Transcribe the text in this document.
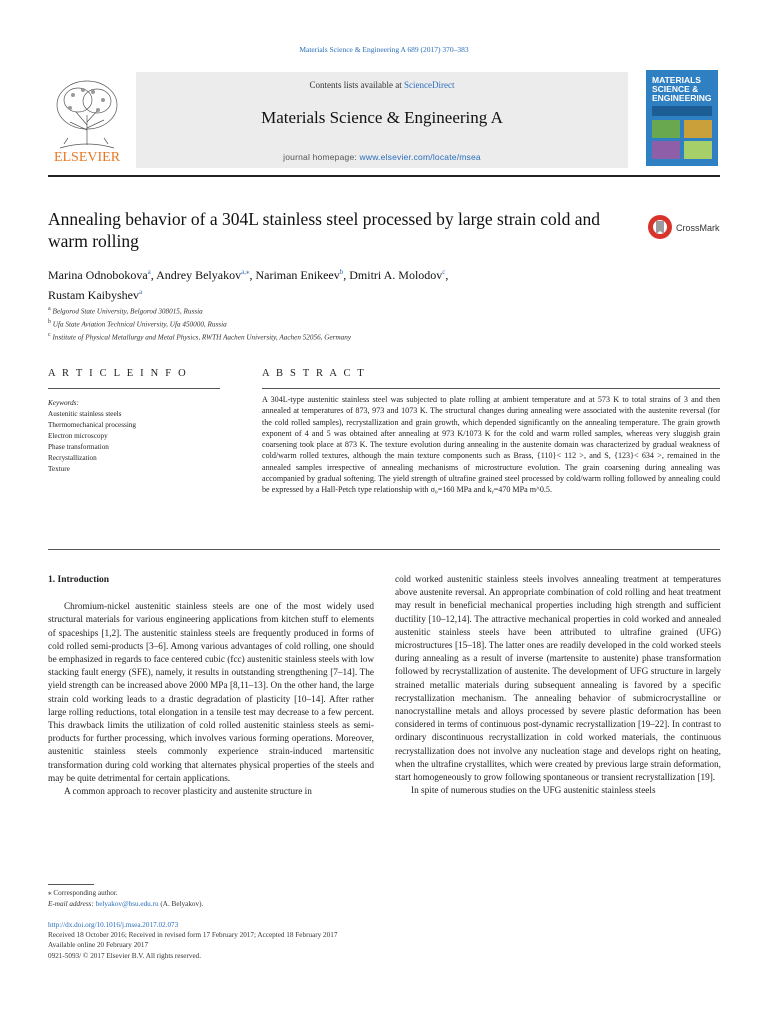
Materials Science & Engineering A 689 (2017) 370–383
ELSEVIER
Contents lists available at ScienceDirect
Materials Science & Engineering A
journal homepage: www.elsevier.com/locate/msea
MATERIALS
SCIENCE &
ENGINEERING
Annealing behavior of a 304L stainless steel processed by large strain cold and warm rolling
CrossMark
Marina Odnobokova$^a$, Andrey Belyakov$^{a,⁎}$, Nariman Enikeev$^b$, Dmitri A. Molodov$^c$,
Rustam Kaibyshev$^a$
$^a$ Belgorod State University, Belgorod 308015, Russia
$^b$ Ufa State Aviation Technical University, Ufa 450000, Russia
$^c$ Institute of Physical Metallurgy and Metal Physics, RWTH Aachen University, Aachen 52056, Germany
A R T I C L E I N F O	A B S T R A C T
Keywords:
Austenitic stainless steels
Thermomechanical processing
Electron microscopy
Phase transformation
Recrystallization
Texture
A 304L-type austenitic stainless steel was subjected to plate rolling at ambient temperature and at 573 K to total strains of 3 and then annealed at temperatures of 873, 973 and 1073 K. The structural changes during annealing were associated with the austenite reversal (for the cold rolled samples), recrystallization and grain growth, which depended significantly on the annealing temperature. The grain growth exponent of 4 and 5 was obtained after annealing at 973 K/1073 K for the cold and warm rolled samples, whereas very sluggish grain coarsening took place at 873 K. The texture evolution during annealing in the austenite domain was characterized by gradual weakness of cold/warm rolled textures, although the main texture components such as Brass, {110}< 112 >, and S, {123}< 634 >, remained in the annealed samples irrespective of annealing mechanisms of microstructure evolution. The grain coarsening during annealing was accompanied by gradual softening. The yield strength of ultrafine grained steel processed by cold/warm rolling followed by annealing could be expressed by a Hall-Petch type relationship with σ₀=160 MPa and kᵧ=470 MPa m^0.5.

1. Introduction

Chromium-nickel austenitic stainless steels are one of the most widely used structural materials for various engineering applications from kitchen stuff to elements of spaceships [1,2]. The austenitic stainless steels are frequently produced in forms of cold rolled semi-products [3–6]. Among various advantages of cold rolling, one should be emphasized in regards to face centered cubic (fcc) austenitic stainless steels with low stacking fault energy (SFE), namely, it results in outstanding strengthening [7–14]. The yield strength can be increased above 2000 MPa [8,11–13]. On the other hand, the large strain cold working leads to a drastic degradation of plasticity [10–14]. After rather large rolling reductions, total elongation in a tensile test may decrease to a few percent. This drawback limits the utilization of cold rolled austenitic stainless steels as semi-products for further processing, which involves various forming operations. Moreover, austenitic stainless steels commonly experience strain-induced martensitic transformation during cold working that alternates physical properties of the steels and may be quite detrimental for certain applications.

A common approach to recover plasticity and austenite structure in

cold worked austenitic stainless steels involves annealing treatment at temperatures above austenite reversal. An appropriate combination of cold rolling and heat treatment may result in beneficial mechanical properties including high strength and sufficient ductility [10–12,14]. The attractive mechanical properties in cold worked and annealed austenitic stainless steels have been attributed to ultrafine grained (UFG) microstructures [15–18]. The latter ones are readily developed in the cold worked steels during annealing as a result of inverse (martensite to austenite) phase transformation followed by recrystallization of austenite. The development of UFG structure in largely strained metallic materials during subsequent annealing is favored by a specific recrystallization mechanism. The annealing behavior of submicrocrystalline or nanocrystalline metals and alloys processed by severe plastic deformation has been considered in terms of continuous post-dynamic recrystallization [19–22]. In contrast to ordinary discontinuous recrystallization in cold worked materials, the continuous recrystallization does not involve any nucleation stage and develops right on heating, when the ultrafine crystallites, which were created by previous large strain deformation, start homogeneously to grow following spontaneous or transient recrystallization [19].

In spite of numerous studies on the UFG austenitic stainless steels

⁎ Corresponding author.
E-mail address: belyakov@bsu.edu.ru (A. Belyakov).
http://dx.doi.org/10.1016/j.msea.2017.02.073
Received 18 October 2016; Received in revised form 17 February 2017; Accepted 18 February 2017
Available online 20 February 2017
0921-5093/ © 2017 Elsevier B.V. All rights reserved.
